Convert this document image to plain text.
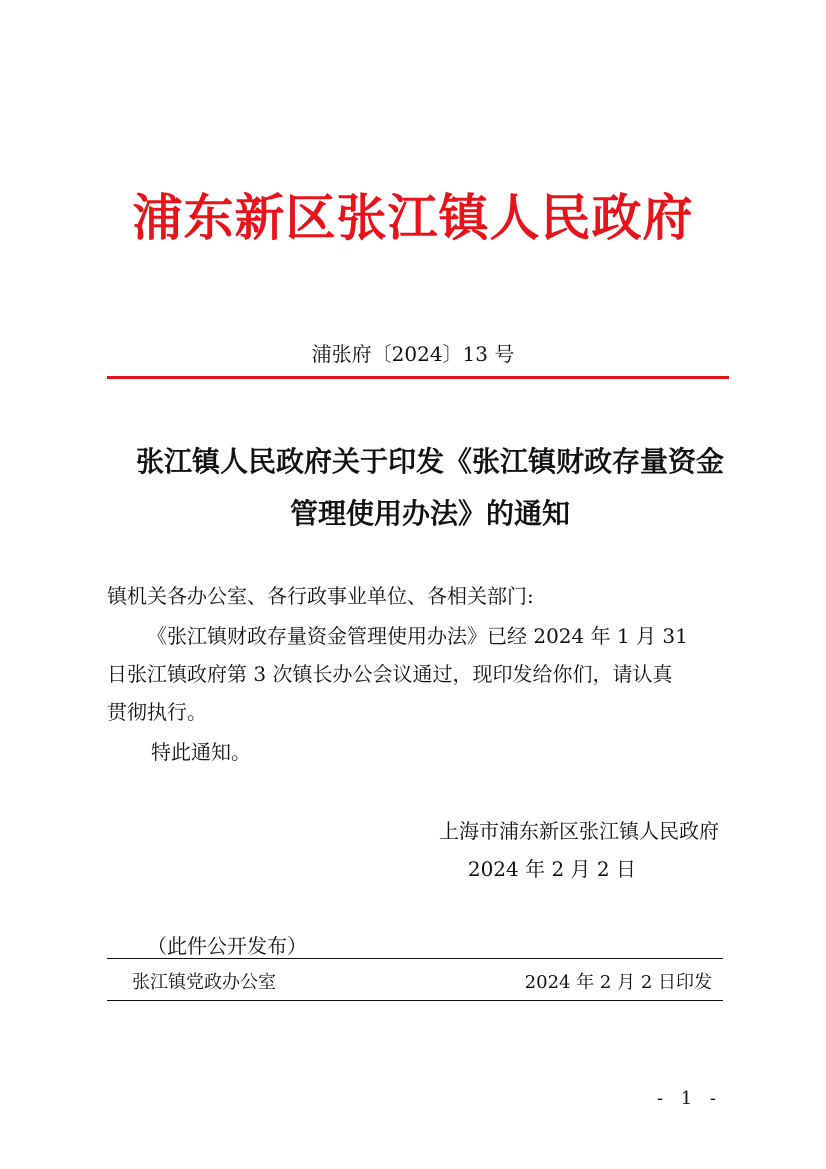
浦东新区张江镇人民政府
浦张府〔2024〕13 号
张江镇人民政府关于印发《张江镇财政存量资金
管理使用办法》的通知
镇机关各办公室、各行政事业单位、各相关部门:
《张江镇财政存量资金管理使用办法》已经 2024 年 1 月 31
日张江镇政府第 3 次镇长办公会议通过，现印发给你们，请认真
贯彻执行。
特此通知。
上海市浦东新区张江镇人民政府
2024 年 2 月 2 日
（此件公开发布）
张江镇党政办公室	2024 年 2 月 2 日印发
- 1 -
